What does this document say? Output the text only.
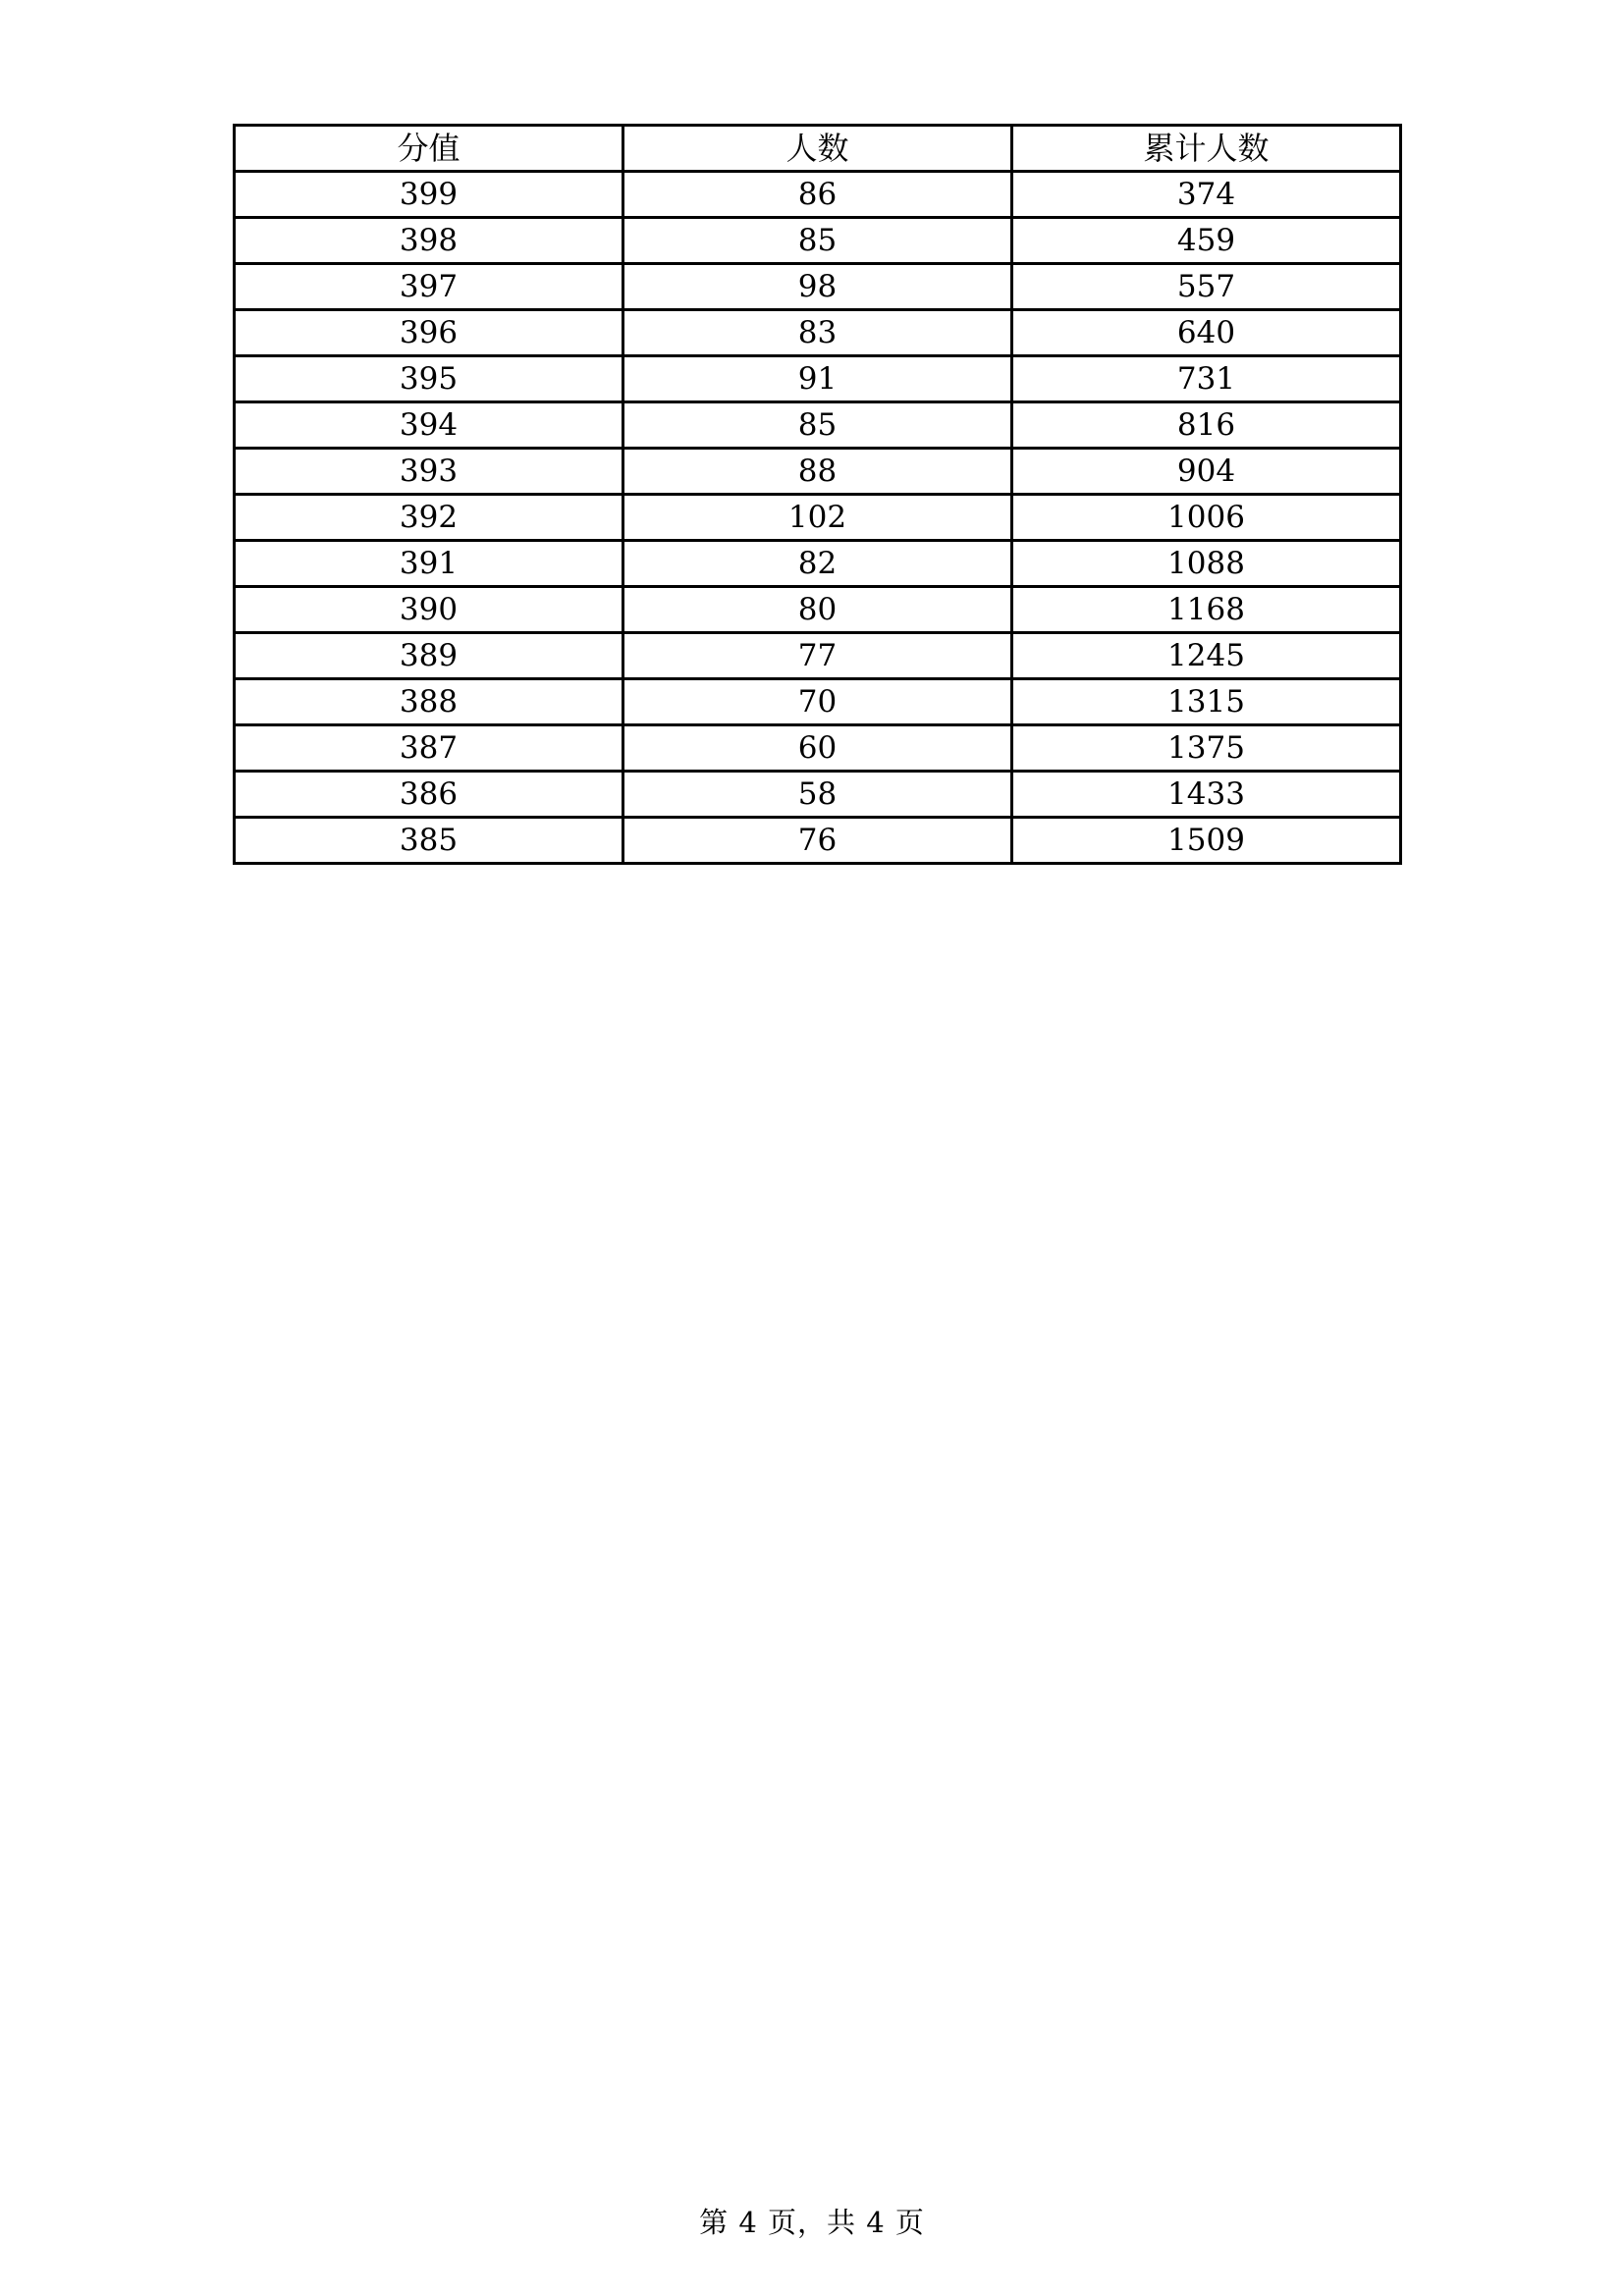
分值	人数	累计人数
399	86	374
398	85	459
397	98	557
396	83	640
395	91	731
394	85	816
393	88	904
392	102	1006
391	82	1088
390	80	1168
389	77	1245
388	70	1315
387	60	1375
386	58	1433
385	76	1509
第 4 页，共 4 页
